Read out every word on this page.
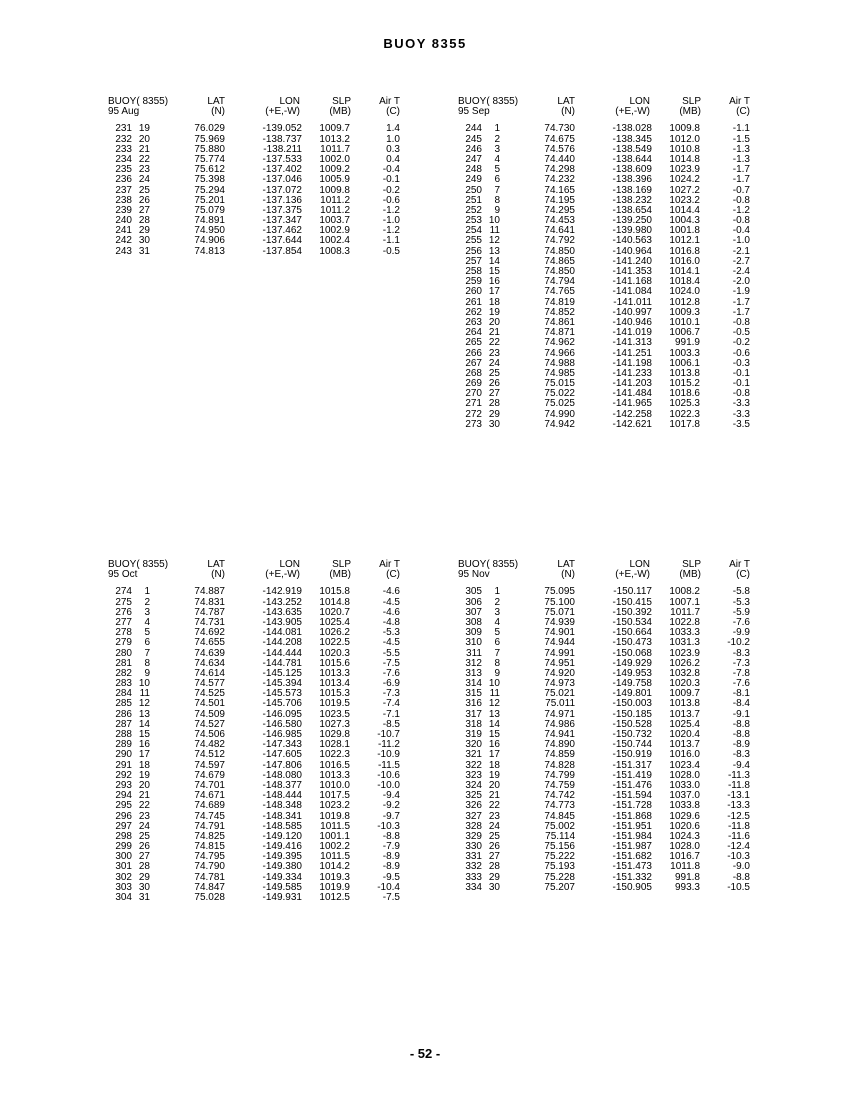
BUOY 8355
BUOY( 8355)	LAT	LON	SLP	Air T
95 Aug	(N)	(+E,-W)	(MB)	(C)
231 19	76.029	-139.052 1009.7	1.4
232 20	75.969	-138.737 1013.2	1.0
233 21	75.880	-138.211 1011.7	0.3
234 22	75.774	-137.533 1002.0	0.4
235 23	75.612	-137.402 1009.2	-0.4
236 24	75.398	-137.046 1005.9	-0.1
237 25	75.294	-137.072 1009.8	-0.2
238 26	75.201	-137.136 1011.2	-0.6
239 27	75.079	-137.375 1011.2	-1.2
240 28	74.891	-137.347 1003.7	-1.0
241 29	74.950	-137.462 1002.9	-1.2
242 30	74.906	-137.644 1002.4	-1.1
243 31	74.813	-137.854 1008.3	-0.5
BUOY( 8355)	LAT	LON	SLP	Air T
95 Sep	(N)	(+E,-W)	(MB)	(C)
244 1	74.730	-138.028 1009.8	-1.1
245 2	74.675	-138.345 1012.0	-1.5
246 3	74.576	-138.549 1010.8	-1.3
247 4	74.440	-138.644 1014.8	-1.3
248 5	74.298	-138.609 1023.9	-1.7
249 6	74.232	-138.396 1024.2	-1.7
250 7	74.165	-138.169 1027.2	-0.7
251 8	74.195	-138.232 1023.2	-0.8
252 9	74.295	-138.654 1014.4	-1.2
253 10	74.453	-139.250 1004.3	-0.8
254 11	74.641	-139.980 1001.8	-0.4
255 12	74.792	-140.563 1012.1	-1.0
256 13	74.850	-140.964 1016.8	-2.1
257 14	74.865	-141.240 1016.0	-2.7
258 15	74.850	-141.353 1014.1	-2.4
259 16	74.794	-141.168 1018.4	-2.0
260 17	74.765	-141.084 1024.0	-1.9
261 18	74.819	-141.011 1012.8	-1.7
262 19	74.852	-140.997 1009.3	-1.7
263 20	74.861	-140.946 1010.1	-0.8
264 21	74.871	-141.019 1006.7	-0.5
265 22	74.962	-141.313 991.9	-0.2
266 23	74.966	-141.251 1003.3	-0.6
267 24	74.988	-141.198 1006.1	-0.3
268 25	74.985	-141.233 1013.8	-0.1
269 26	75.015	-141.203 1015.2	-0.1
270 27	75.022	-141.484 1018.6	-0.8
271 28	75.025	-141.965 1025.3	-3.3
272 29	74.990	-142.258 1022.3	-3.3
273 30	74.942	-142.621 1017.8	-3.5
BUOY( 8355)	LAT	LON	SLP	Air T
95 Oct	(N)	(+E,-W)	(MB)	(C)
274 1	74.887	-142.919 1015.8	-4.6
275 2	74.831	-143.252 1014.8	-4.5
276 3	74.787	-143.635 1020.7	-4.6
277 4	74.731	-143.905 1025.4	-4.8
278 5	74.692	-144.081 1026.2	-5.3
279 6	74.655	-144.208 1022.5	-4.5
280 7	74.639	-144.444 1020.3	-5.5
281 8	74.634	-144.781 1015.6	-7.5
282 9	74.614	-145.125 1013.3	-7.6
283 10	74.577	-145.394 1013.4	-6.9
284 11	74.525	-145.573 1015.3	-7.3
285 12	74.501	-145.706 1019.5	-7.4
286 13	74.509	-146.095 1023.5	-7.1
287 14	74.527	-146.580 1027.3	-8.5
288 15	74.506	-146.985 1029.8	-10.7
289 16	74.482	-147.343 1028.1	-11.2
290 17	74.512	-147.605 1022.3	-10.9
291 18	74.597	-147.806 1016.5	-11.5
292 19	74.679	-148.080 1013.3	-10.6
293 20	74.701	-148.377 1010.0	-10.0
294 21	74.671	-148.444 1017.5	-9.4
295 22	74.689	-148.348 1023.2	-9.2
296 23	74.745	-148.341 1019.8	-9.7
297 24	74.791	-148.585 1011.5	-10.3
298 25	74.825	-149.120 1001.1	-8.8
299 26	74.815	-149.416 1002.2	-7.9
300 27	74.795	-149.395 1011.5	-8.9
301 28	74.790	-149.380 1014.2	-8.9
302 29	74.781	-149.334 1019.3	-9.5
303 30	74.847	-149.585 1019.9	-10.4
304 31	75.028	-149.931 1012.5	-7.5
BUOY( 8355)	LAT	LON	SLP	Air T
95 Nov	(N)	(+E,-W)	(MB)	(C)
305 1	75.095	-150.117 1008.2	-5.8
306 2	75.100	-150.415 1007.1	-5.3
307 3	75.071	-150.392 1011.7	-5.9
308 4	74.939	-150.534 1022.8	-7.6
309 5	74.901	-150.664 1033.3	-9.9
310 6	74.944	-150.473 1031.3	-10.2
311 7	74.991	-150.068 1023.9	-8.3
312 8	74.951	-149.929 1026.2	-7.3
313 9	74.920	-149.953 1032.8	-7.8
314 10	74.973	-149.758 1020.3	-7.6
315 11	75.021	-149.801 1009.7	-8.1
316 12	75.011	-150.003 1013.8	-8.4
317 13	74.971	-150.185 1013.7	-9.1
318 14	74.986	-150.528 1025.4	-8.8
319 15	74.941	-150.732 1020.4	-8.8
320 16	74.890	-150.744 1013.7	-8.9
321 17	74.859	-150.919 1016.0	-8.3
322 18	74.828	-151.317 1023.4	-9.4
323 19	74.799	-151.419 1028.0	-11.3
324 20	74.759	-151.476 1033.0	-11.8
325 21	74.742	-151.594 1037.0	-13.1
326 22	74.773	-151.728 1033.8	-13.3
327 23	74.845	-151.868 1029.6	-12.5
328 24	75.002	-151.951 1020.6	-11.8
329 25	75.114	-151.984 1024.3	-11.6
330 26	75.156	-151.987 1028.0	-12.4
331 27	75.222	-151.682 1016.7	-10.3
332 28	75.193	-151.473 1011.8	-9.0
333 29	75.228	-151.332 991.8	-8.8
334 30	75.207	-150.905 993.3	-10.5
- 52 -
